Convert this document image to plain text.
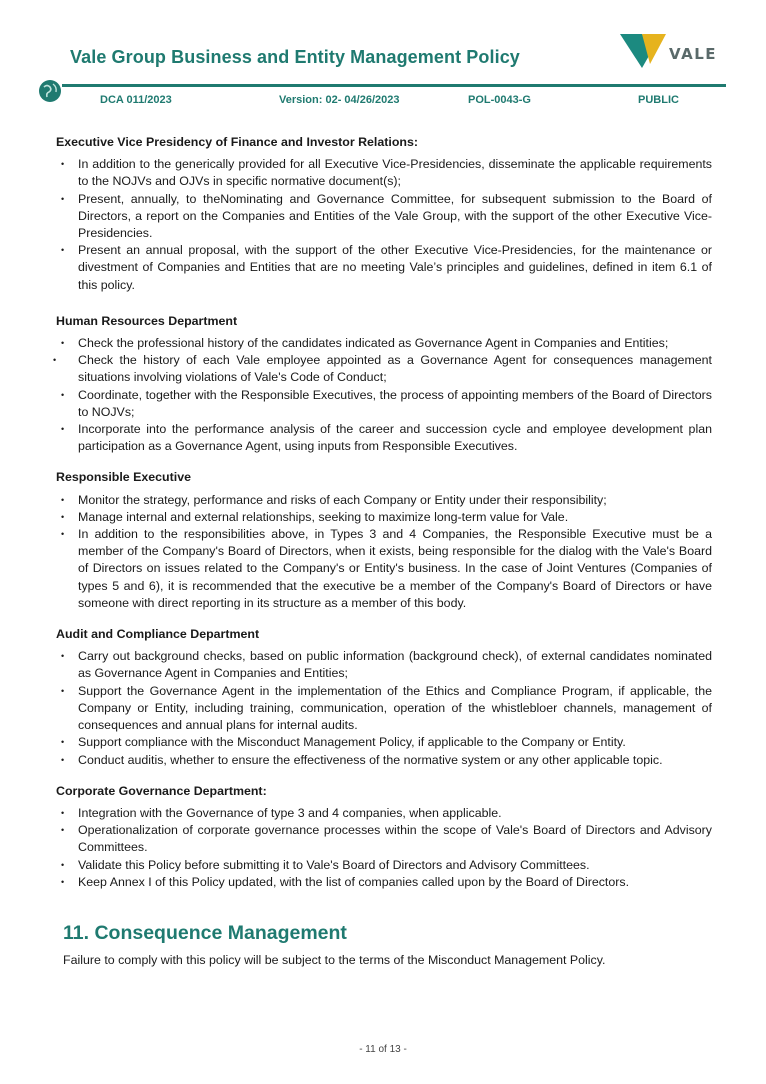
Vale Group Business and Entity Management Policy	VALE
DCA 011/2023	Version: 02- 04/26/2023	POL-0043-G	PUBLIC

Executive Vice Presidency of Finance and Investor Relations:

• In addition to the generically provided for all Executive Vice-Presidencies, disseminate the applicable requirements to the NOJVs and OJVs in specific normative document(s);
• Present, annually, to theNominating and Governance Committee, for subsequent submission to the Board of Directors, a report on the Companies and Entities of the Vale Group, with the support of the other Executive Vice-Presidencies.
• Present an annual proposal, with the support of the other Executive Vice-Presidencies, for the maintenance or divestment of Companies and Entities that are no meeting Vale’s principles and guidelines, defined in item 6.1 of this policy.

Human Resources Department

• Check the professional history of the candidates indicated as Governance Agent in Companies and Entities;
• Check the history of each Vale employee appointed as a Governance Agent for consequences management situations involving violations of Vale's Code of Conduct;
• Coordinate, together with the Responsible Executives, the process of appointing members of the Board of Directors to NOJVs;
• Incorporate into the performance analysis of the career and succession cycle and employee development plan participation as a Governance Agent, using inputs from Responsible Executives.

Responsible Executive

• Monitor the strategy, performance and risks of each Company or Entity under their responsibility;
• Manage internal and external relationships, seeking to maximize long-term value for Vale.
• In addition to the responsibilities above, in Types 3 and 4 Companies, the Responsible Executive must be a member of the Company's Board of Directors, when it exists, being responsible for the dialog with the Vale's Board of Directors on issues related to the Company's or Entity's business. In the case of Joint Ventures (Companies of types 5 and 6), it is recommended that the executive be a member of the Company's Board of Directors or have someone with direct reporting in its structure as a member of this body.

Audit and Compliance Department

• Carry out background checks, based on public information (background check), of external candidates nominated as Governance Agent in Companies and Entities;
• Support the Governance Agent in the implementation of the Ethics and Compliance Program, if applicable, the Company or Entity, including training, communication, operation of the whistlebloer channels, management of consequences and annual plans for internal audits.
• Support compliance with the Misconduct Management Policy, if applicable to the Company or Entity.
• Conduct auditis, whether to ensure the effectiveness of the normative system or any other applicable topic.

Corporate Governance Department:

• Integration with the Governance of type 3 and 4 companies, when applicable.
• Operationalization of corporate governance processes within the scope of Vale's Board of Directors and Advisory Committees.
• Validate this Policy before submitting it to Vale's Board of Directors and Advisory Committees.
• Keep Annex I of this Policy updated, with the list of companies called upon by the Board of Directors.
11. Consequence Management
Failure to comply with this policy will be subject to the terms of the Misconduct Management Policy.
- 11 of 13 -
